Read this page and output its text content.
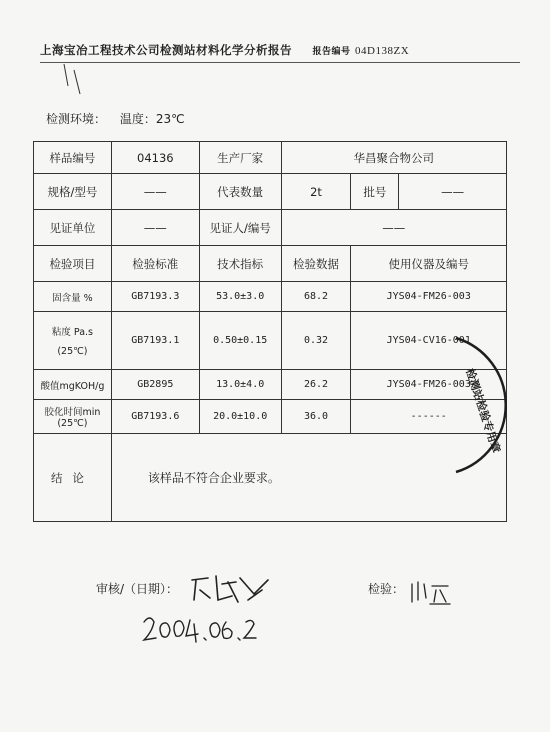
上海宝冶工程技术公司检测站材料化学分析报告 报告编号 04D138ZX
检测环境： 温度：23℃
样品编号	04136	生产厂家	华昌聚合物公司		
规格/型号	——	代表数量	2t	批号	——
见证单位	——	见证人/编号	——		
检验项目	检验标准	技术指标	检验数据	使用仪器及编号	
固含量 %	GB7193.3	53.0±3.0	68.2	JYS04-FM26-003	

粘度 Pa.s
(25℃)	GB7193.1	0.50±0.15	0.32	JYS04-CV16-001	
酸值mgKOH/g	GB2895	13.0±4.0	26.2	JYS04-FM26-003	

胶化时间min
(25℃)	GB7193.6	20.0±10.0	36.0	------	
结论	该样品不符合企业要求。				
检测站检验专用章
审核/（日期）：	检验：
